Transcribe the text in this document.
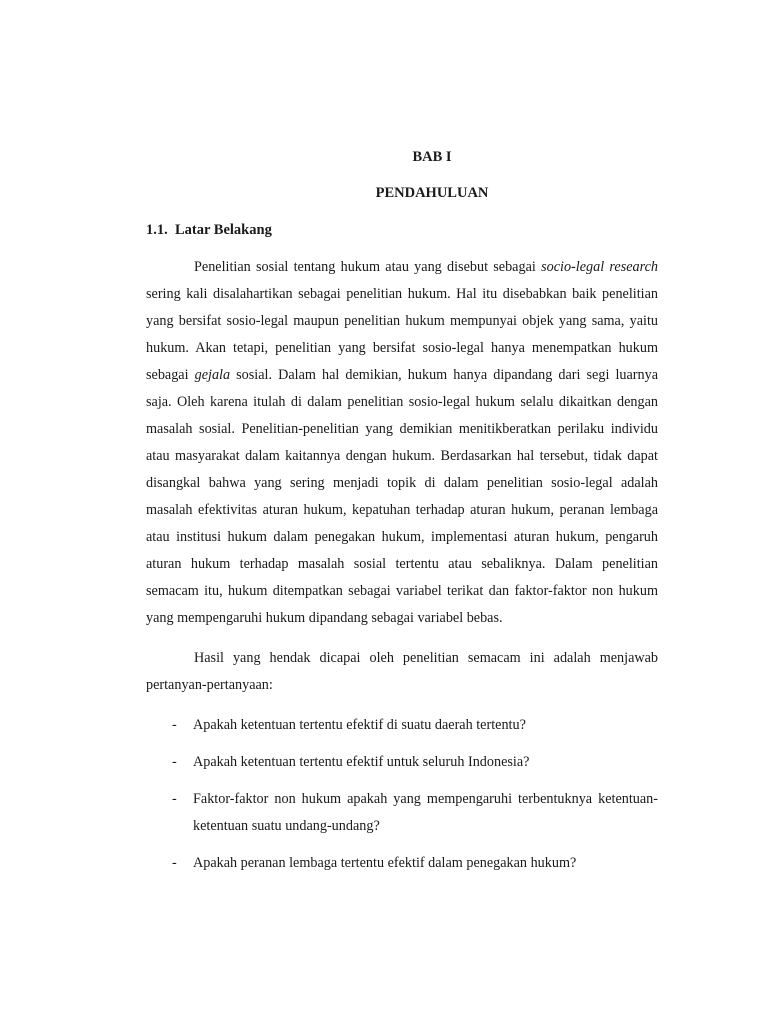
BAB I
PENDAHULUAN
1.1.  Latar Belakang

Penelitian sosial tentang hukum atau yang disebut sebagai socio-legal research sering kali disalahartikan sebagai penelitian hukum. Hal itu disebabkan baik penelitian yang bersifat sosio-legal maupun penelitian hukum mempunyai objek yang sama, yaitu hukum. Akan tetapi, penelitian yang bersifat sosio-legal hanya menempatkan hukum sebagai gejala sosial. Dalam hal demikian, hukum hanya dipandang dari segi luarnya saja. Oleh karena itulah di dalam penelitian sosio-legal hukum selalu dikaitkan dengan masalah sosial. Penelitian-penelitian yang demikian menitikberatkan perilaku individu atau masyarakat dalam kaitannya dengan hukum. Berdasarkan hal tersebut, tidak dapat disangkal bahwa yang sering menjadi topik di dalam penelitian sosio-legal adalah masalah efektivitas aturan hukum, kepatuhan terhadap aturan hukum, peranan lembaga atau institusi hukum dalam penegakan hukum, implementasi aturan hukum, pengaruh aturan hukum terhadap masalah sosial tertentu atau sebaliknya. Dalam penelitian semacam itu, hukum ditempatkan sebagai variabel terikat dan faktor-faktor non hukum yang mempengaruhi hukum dipandang sebagai variabel bebas.

Hasil yang hendak dicapai oleh penelitian semacam ini adalah menjawab pertanyan-pertanyaan:

- Apakah ketentuan tertentu efektif di suatu daerah tertentu?
- Apakah ketentuan tertentu efektif untuk seluruh Indonesia?
- Faktor-faktor non hukum apakah yang mempengaruhi terbentuknya ketentuan-ketentuan suatu undang-undang?
- Apakah peranan lembaga tertentu efektif dalam penegakan hukum?
